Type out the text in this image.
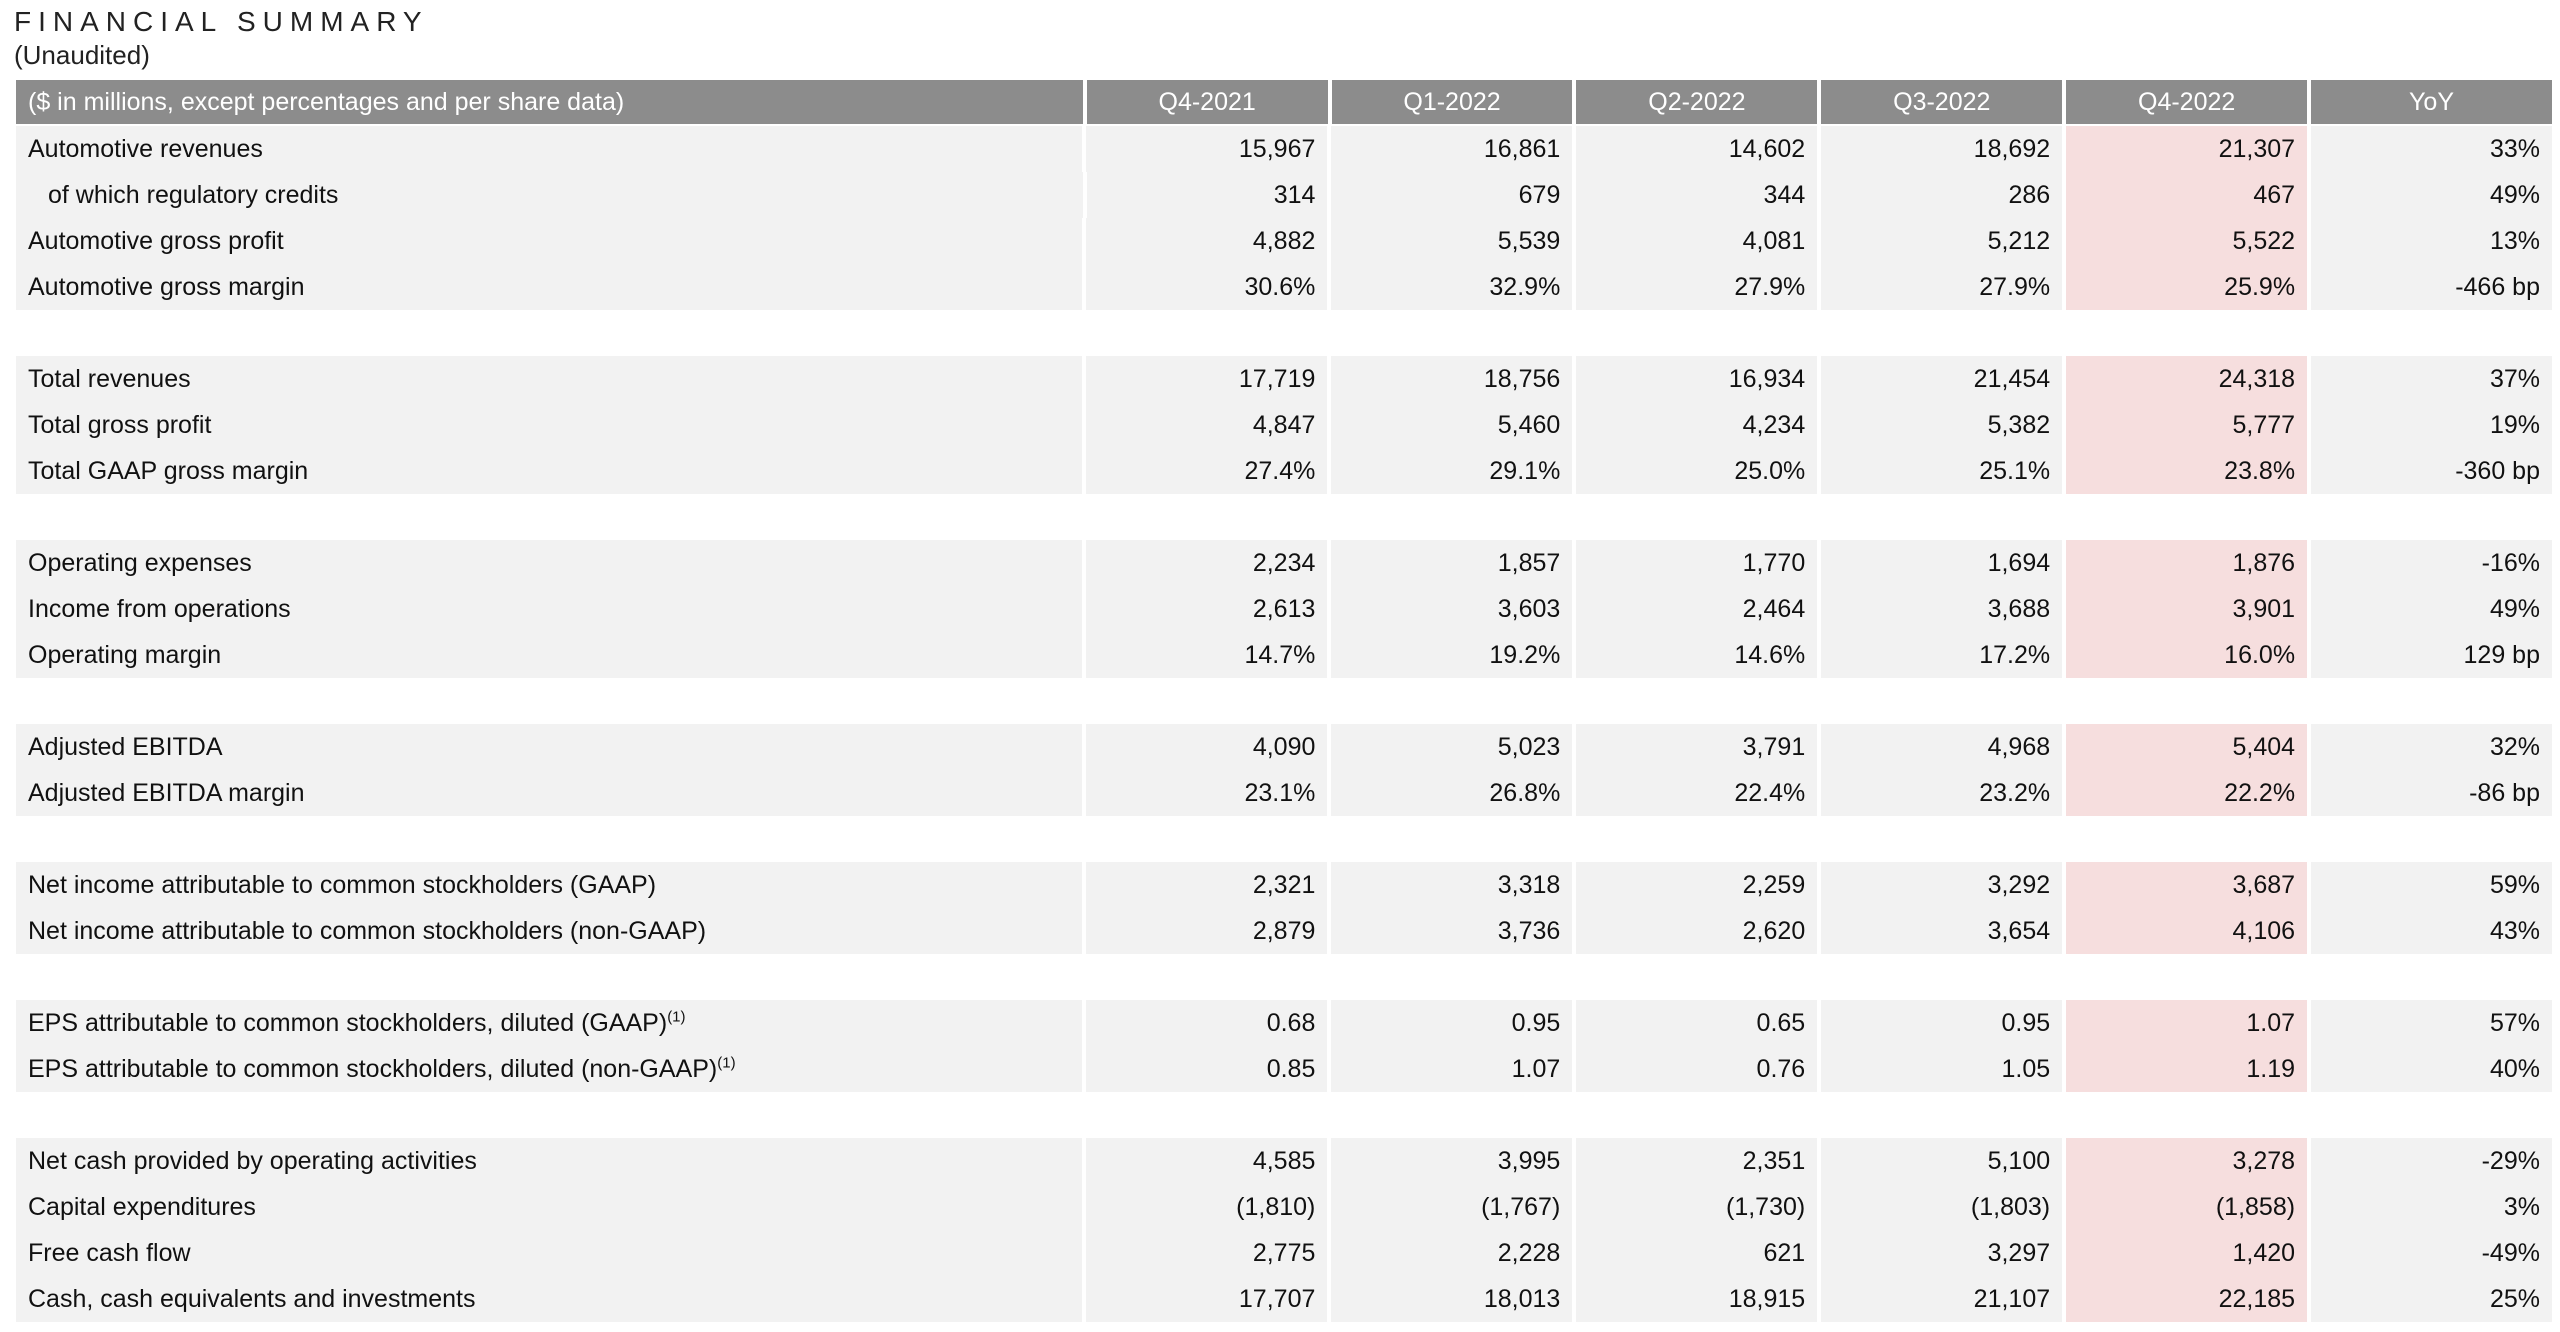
FINANCIAL SUMMARY
(Unaudited)
($ in millions, except percentages and per share data)	Q4-2021	Q1-2022	Q2-2022	Q3-2022	Q4-2022	YoY
Automotive revenues	15,967	16,861	14,602	18,692	21,307	33%
of which regulatory credits	314	679	344	286	467	49%
Automotive gross profit	4,882	5,539	4,081	5,212	5,522	13%
Automotive gross margin	30.6%	32.9%	27.9%	27.9%	25.9%	-466 bp
Total revenues	17,719	18,756	16,934	21,454	24,318	37%
Total gross profit	4,847	5,460	4,234	5,382	5,777	19%
Total GAAP gross margin	27.4%	29.1%	25.0%	25.1%	23.8%	-360 bp
Operating expenses	2,234	1,857	1,770	1,694	1,876	-16%
Income from operations	2,613	3,603	2,464	3,688	3,901	49%
Operating margin	14.7%	19.2%	14.6%	17.2%	16.0%	129 bp
Adjusted EBITDA	4,090	5,023	3,791	4,968	5,404	32%
Adjusted EBITDA margin	23.1%	26.8%	22.4%	23.2%	22.2%	-86 bp
Net income attributable to common stockholders (GAAP)	2,321	3,318	2,259	3,292	3,687	59%
Net income attributable to common stockholders (non-GAAP)	2,879	3,736	2,620	3,654	4,106	43%
EPS attributable to common stockholders, diluted (GAAP)$^{(1)}$	0.68	0.95	0.65	0.95	1.07	57%
EPS attributable to common stockholders, diluted (non-GAAP)$^{(1)}$	0.85	1.07	0.76	1.05	1.19	40%
Net cash provided by operating activities	4,585	3,995	2,351	5,100	3,278	-29%
Capital expenditures	(1,810)	(1,767)	(1,730)	(1,803)	(1,858)	3%
Free cash flow	2,775	2,228	621	3,297	1,420	-49%
Cash, cash equivalents and investments	17,707	18,013	18,915	21,107	22,185	25%
